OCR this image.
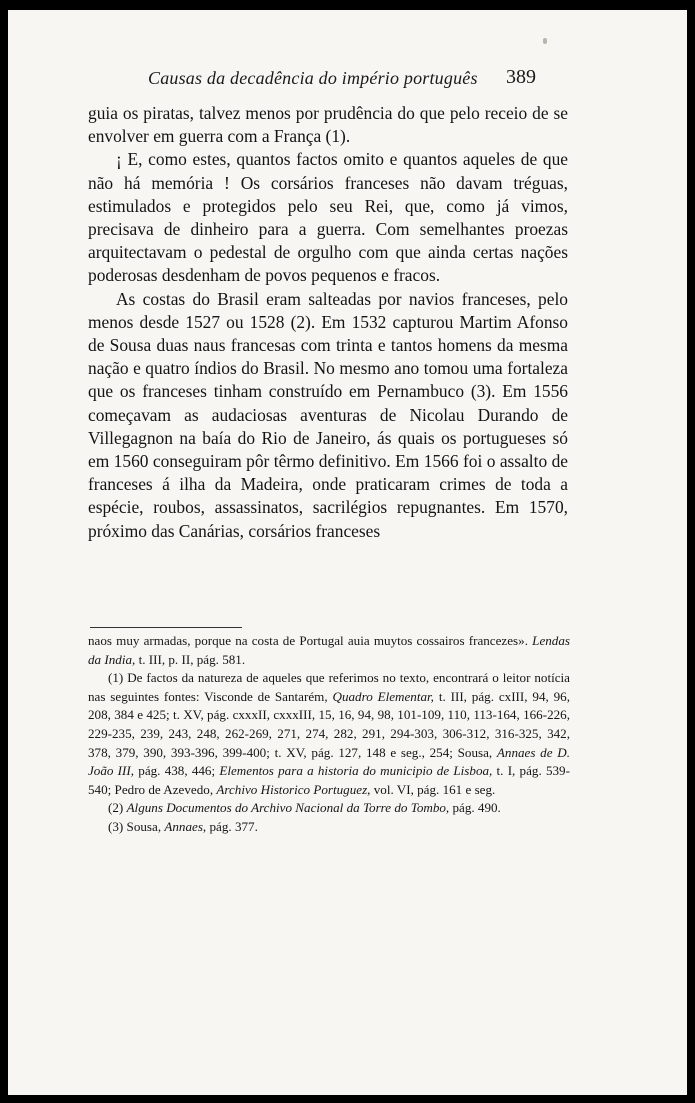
Causas da decadência do império português 389

guia os piratas, talvez menos por prudência do que pelo receio de se envolver em guerra com a França (1).

¡ E, como estes, quantos factos omito e quantos aqueles de que não há memória ! Os corsários franceses não davam tréguas, estimulados e protegidos pelo seu Rei, que, como já vimos, precisava de dinheiro para a guerra. Com semelhantes proezas arquitectavam o pedestal de orgulho com que ainda certas nações poderosas desdenham de povos pequenos e fracos.

As costas do Brasil eram salteadas por navios franceses, pelo menos desde 1527 ou 1528 (2). Em 1532 capturou Martim Afonso de Sousa duas naus francesas com trinta e tantos homens da mesma nação e quatro índios do Brasil. No mesmo ano tomou uma fortaleza que os franceses tinham construído em Pernambuco (3). Em 1556 começavam as audaciosas aventuras de Nicolau Durando de Villegagnon na baía do Rio de Janeiro, ás quais os portugueses só em 1560 conseguiram pôr têrmo definitivo. Em 1566 foi o assalto de franceses á ilha da Madeira, onde praticaram crimes de toda a espécie, roubos, assassinatos, sacrilégios repugnantes. Em 1570, próximo das Canárias, corsários franceses

naos muy armadas, porque na costa de Portugal auia muytos cossairos francezes». Lendas da India, t. III, p. II, pág. 581.

(1) De factos da natureza de aqueles que referimos no texto, encontrará o leitor notícia nas seguintes fontes: Visconde de Santarém, Quadro Elementar, t. III, pág. cxIII, 94, 96, 208, 384 e 425; t. XV, pág. cxxxII, cxxxIII, 15, 16, 94, 98, 101-109, 110, 113-164, 166-226, 229-235, 239, 243, 248, 262-269, 271, 274, 282, 291, 294-303, 306-312, 316-325, 342, 378, 379, 390, 393-396, 399-400; t. XV, pág. 127, 148 e seg., 254; Sousa, Annaes de D. João III, pág. 438, 446; Elementos para a historia do municipio de Lisboa, t. I, pág. 539-540; Pedro de Azevedo, Archivo Historico Portuguez, vol. VI, pág. 161 e seg.

(2) Alguns Documentos do Archivo Nacional da Torre do Tombo, pág. 490.

(3) Sousa, Annaes, pág. 377.
